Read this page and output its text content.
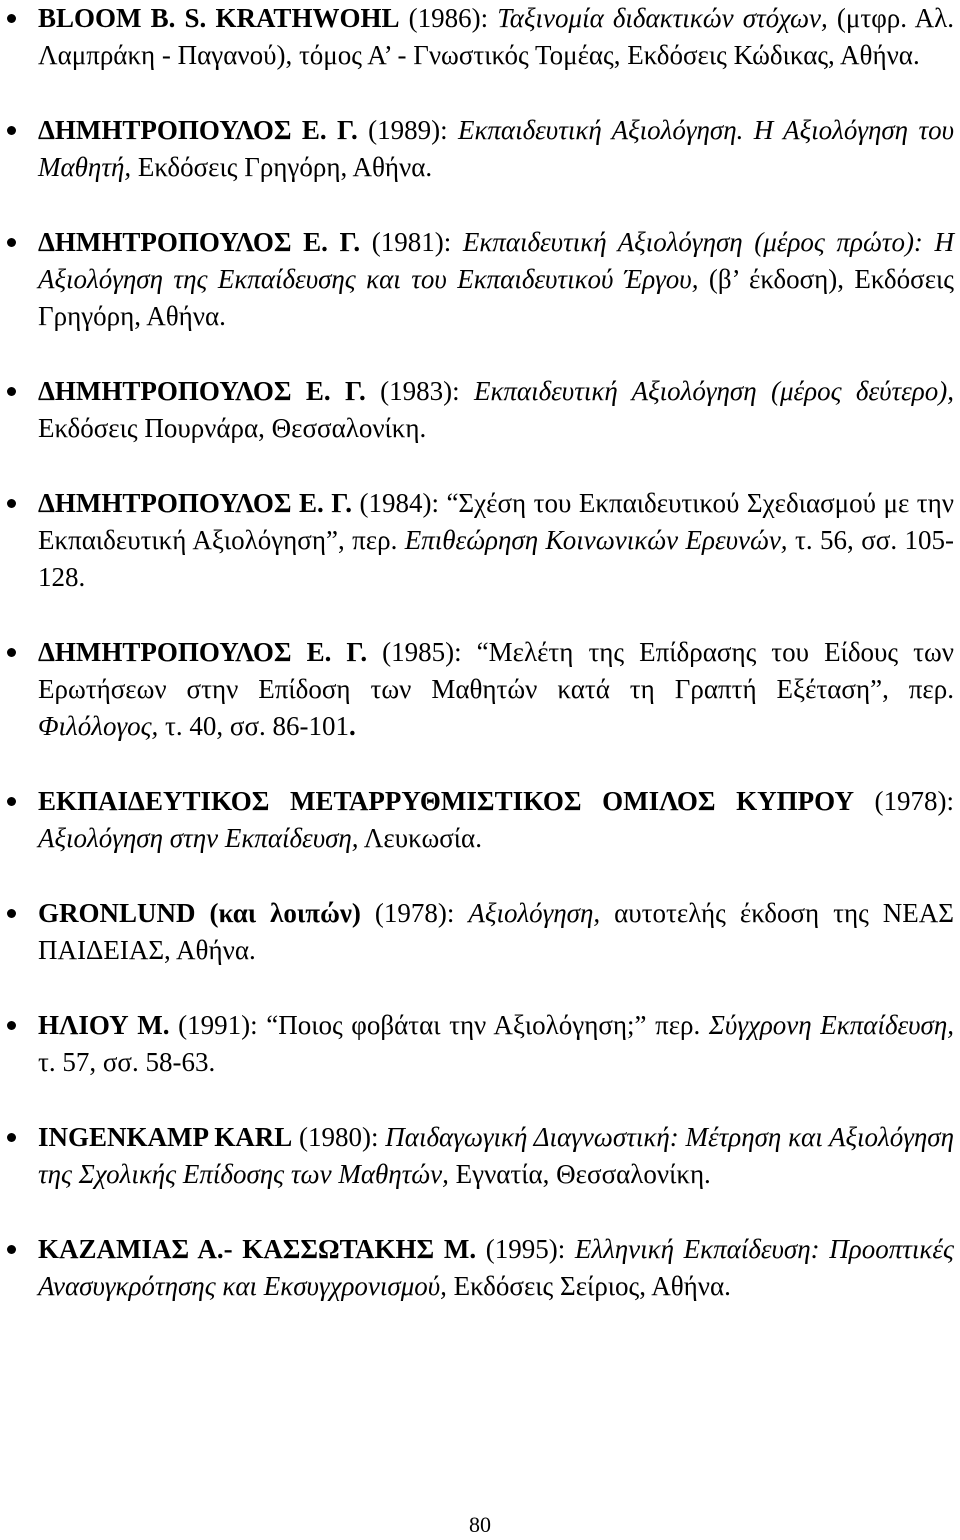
BLOOM B. S. KRATHWOHL (1986): Ταξινομία διδακτικών στόχων, (μτφρ. Αλ. Λαμπράκη - Παγανού), τόμος Α’ - Γνωστικός Τομέας, Εκδόσεις Κώδικας, Αθήνα.
ΔΗΜΗΤΡΟΠΟΥΛΟΣ Ε. Γ. (1989): Εκπαιδευτική Αξιολόγηση. Η Αξιολόγηση του Μαθητή, Εκδόσεις Γρηγόρη, Αθήνα.
ΔΗΜΗΤΡΟΠΟΥΛΟΣ Ε. Γ. (1981): Εκπαιδευτική Αξιολόγηση (μέρος πρώτο): Η Αξιολόγηση της Εκπαίδευσης και του Εκπαιδευτικού Έργου, (β’ έκδοση), Εκδόσεις Γρηγόρη, Αθήνα.
ΔΗΜΗΤΡΟΠΟΥΛΟΣ Ε. Γ. (1983): Εκπαιδευτική Αξιολόγηση (μέρος δεύτερο), Εκδόσεις Πουρνάρα, Θεσσαλονίκη.
ΔΗΜΗΤΡΟΠΟΥΛΟΣ Ε. Γ. (1984): “Σχέση του Εκπαιδευτικού Σχεδιασμού με την Εκπαιδευτική Αξιολόγηση”, περ. Επιθεώρηση Κοινωνικών Ερευνών, τ. 56, σσ. 105-128.
ΔΗΜΗΤΡΟΠΟΥΛΟΣ Ε. Γ. (1985): “Μελέτη της Επίδρασης του Είδους των Ερωτήσεων στην Επίδοση των Μαθητών κατά τη Γραπτή Εξέταση”, περ. Φιλόλογος, τ. 40, σσ. 86-101.
ΕΚΠΑΙΔΕΥΤΙΚΟΣ ΜΕΤΑΡΡΥΘΜΙΣΤΙΚΟΣ ΟΜΙΛΟΣ ΚΥΠΡΟΥ (1978): Αξιολόγηση στην Εκπαίδευση, Λευκωσία.
GRONLUND (και λοιπών) (1978): Αξιολόγηση, αυτοτελής έκδοση της ΝΕΑΣ ΠΑΙΔΕΙΑΣ, Αθήνα.
ΗΛΙΟΥ Μ. (1991): “Ποιος φοβάται την Αξιολόγηση;” περ. Σύγχρονη Εκπαίδευση, τ. 57, σσ. 58-63.
INGENKAMP KARL (1980): Παιδαγωγική Διαγνωστική: Μέτρηση και Αξιολόγηση της Σχολικής Επίδοσης των Μαθητών, Εγνατία, Θεσσαλονίκη.
ΚΑΖΑΜΙΑΣ Α.- ΚΑΣΣΩΤΑΚΗΣ Μ. (1995): Ελληνική Εκπαίδευση: Προοπτικές Ανασυγκρότησης και Εκσυγχρονισμού, Εκδόσεις Σείριος, Αθήνα.
80
